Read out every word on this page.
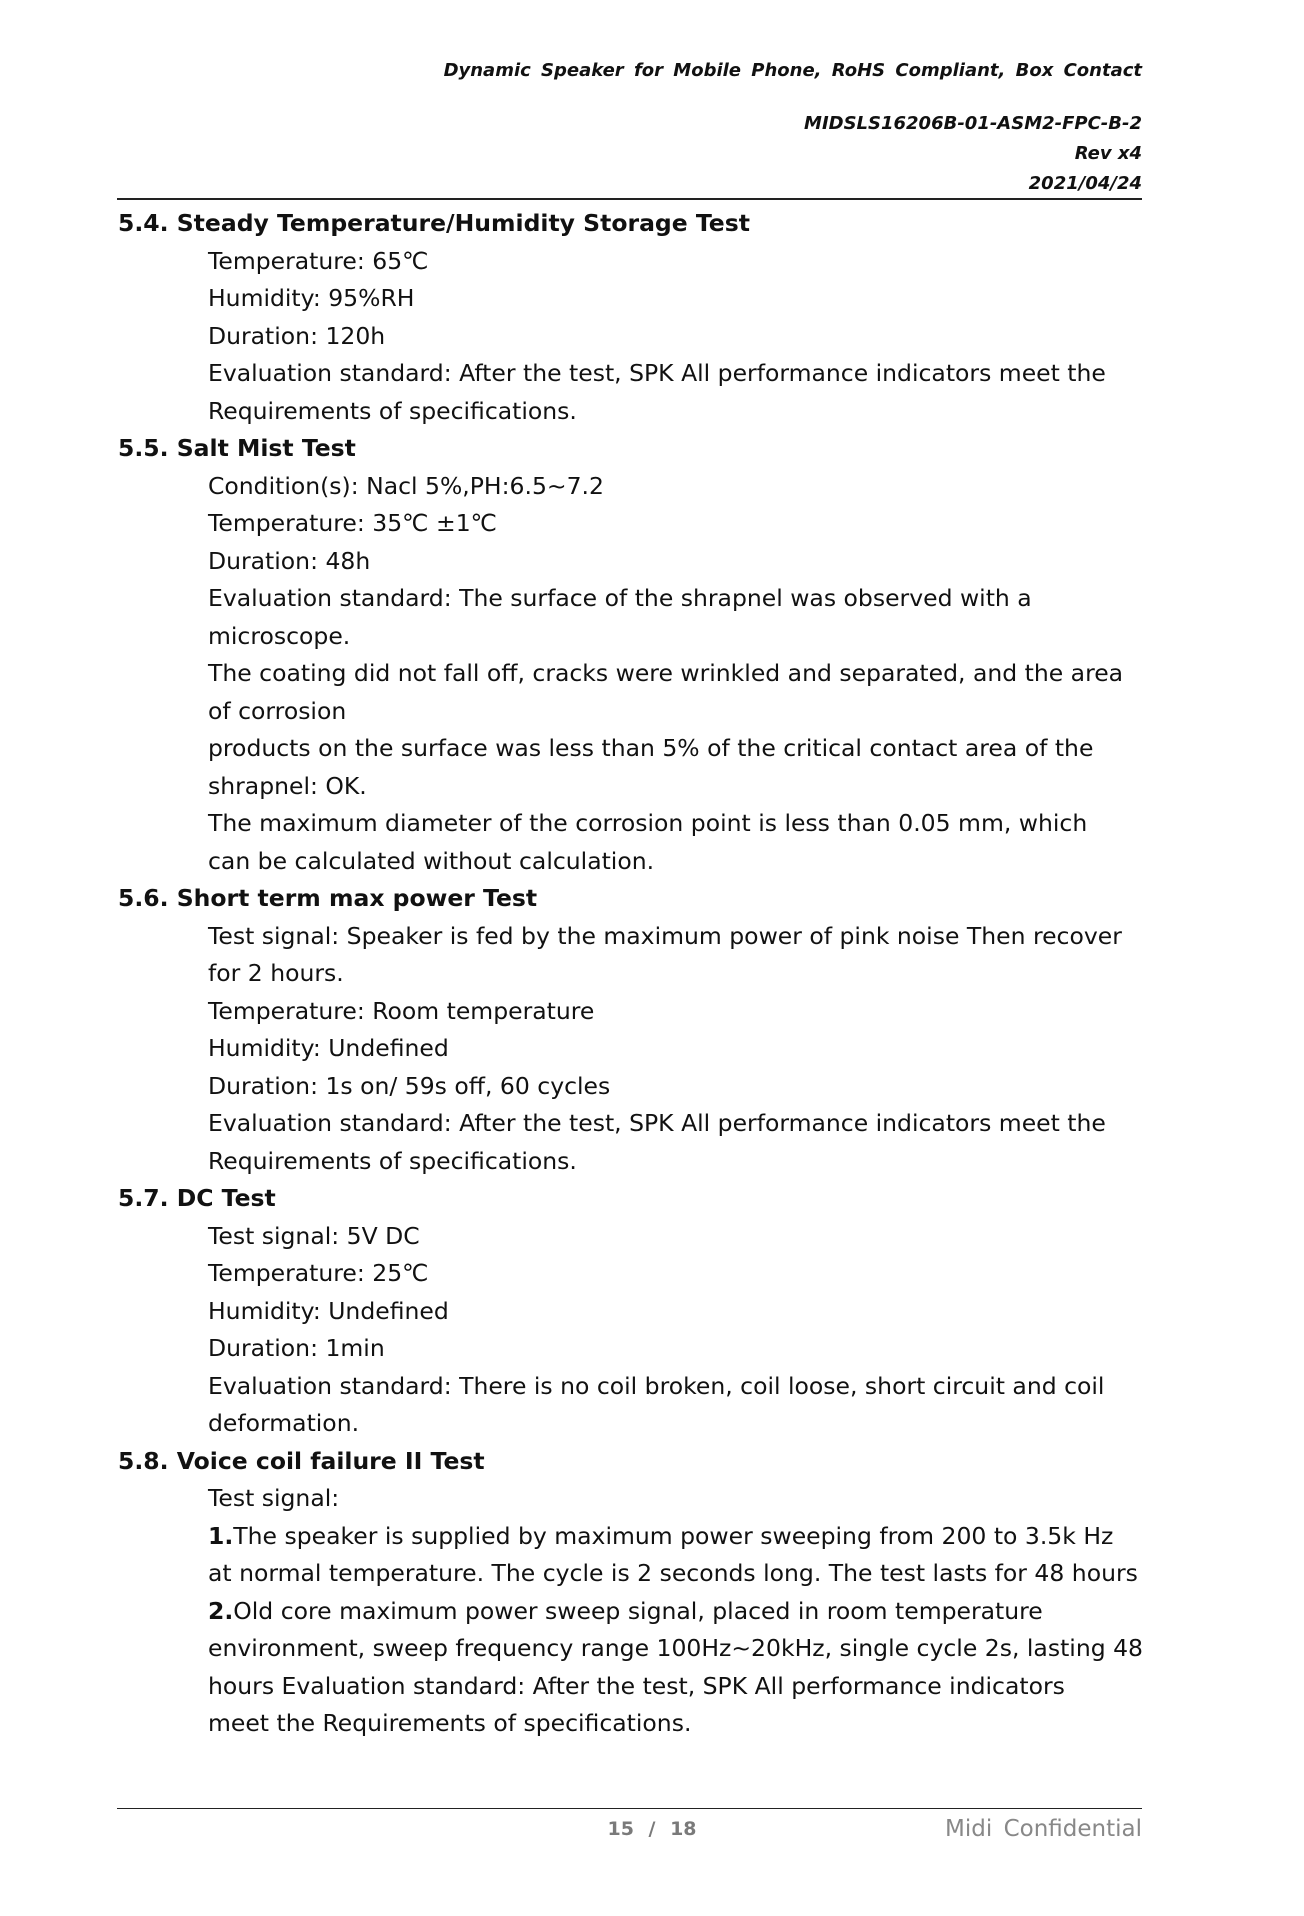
Dynamic Speaker for Mobile Phone, RoHS Compliant, Box Contact
MIDSLS16206B-01-ASM2-FPC-B-2
Rev x4
2021/04/24

5.4. Steady Temperature/Humidity Storage Test

Temperature: 65℃

Humidity: 95%RH

Duration: 120h

Evaluation standard: After the test, SPK All performance indicators meet the

Requirements of specifications.

5.5. Salt Mist Test

Condition(s): Nacl 5%,PH:6.5~7.2

Temperature: 35℃ ±1℃

Duration: 48h

Evaluation standard: The surface of the shrapnel was observed with a

microscope.

The coating did not fall off, cracks were wrinkled and separated, and the area

of corrosion

products on the surface was less than 5% of the critical contact area of the

shrapnel: OK.

The maximum diameter of the corrosion point is less than 0.05 mm, which

can be calculated without calculation.

5.6. Short term max power Test

Test signal: Speaker is fed by the maximum power of pink noise Then recover

for 2 hours.

Temperature: Room temperature

Humidity: Undefined

Duration: 1s on/ 59s off, 60 cycles

Evaluation standard: After the test, SPK All performance indicators meet the

Requirements of specifications.

5.7. DC Test

Test signal: 5V DC

Temperature: 25℃

Humidity: Undefined

Duration: 1min

Evaluation standard: There is no coil broken, coil loose, short circuit and coil

deformation.

5.8. Voice coil failure II Test

Test signal:

1.The speaker is supplied by maximum power sweeping from 200 to 3.5k Hz

at normal temperature. The cycle is 2 seconds long. The test lasts for 48 hours

2.Old core maximum power sweep signal, placed in room temperature

environment, sweep frequency range 100Hz~20kHz, single cycle 2s, lasting 48

hours Evaluation standard: After the test, SPK All performance indicators

meet the Requirements of specifications.

15 / 18	Midi Confidential
